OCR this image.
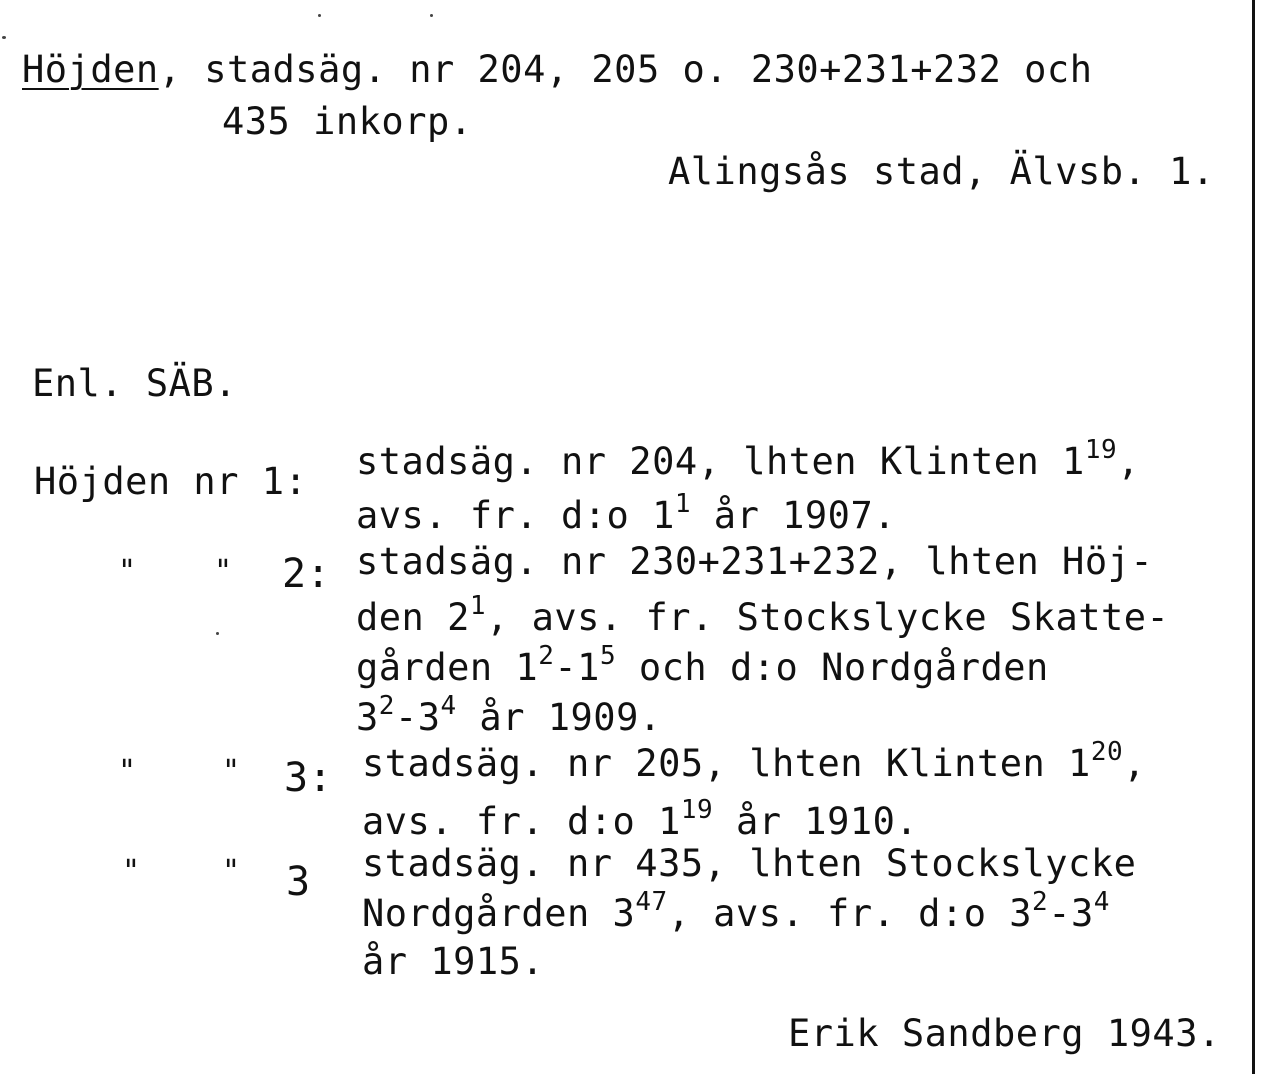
Höjden, stadsäg. nr 204, 205 o. 230+231+232 och
435 inkorp.
Alingsås stad, Älvsb. 1.
Enl. SÄB.
Höjden nr 1: stadsäg. nr 204, lhten Klinten $1^{19}$,
avs. fr. d:o $1^1$ år 1907.
"	" 2: stadsäg. nr 230+231+232, lhten Höj-
den $2^1$, avs. fr. Stockslycke Skatte-
gården $1^2-1^5$ och d:o Nordgården
$3^2-3^4$ år 1909.
"	" 3: stadsäg. nr 205, lhten Klinten $1^{20}$,
avs. fr. d:o $1^{19}$ år 1910.
"	" 3 stadsäg. nr 435, lhten Stockslycke
Nordgården $3^{47}$, avs. fr. d:o $3^2-3^4$
år 1915.
Erik Sandberg 1943.
